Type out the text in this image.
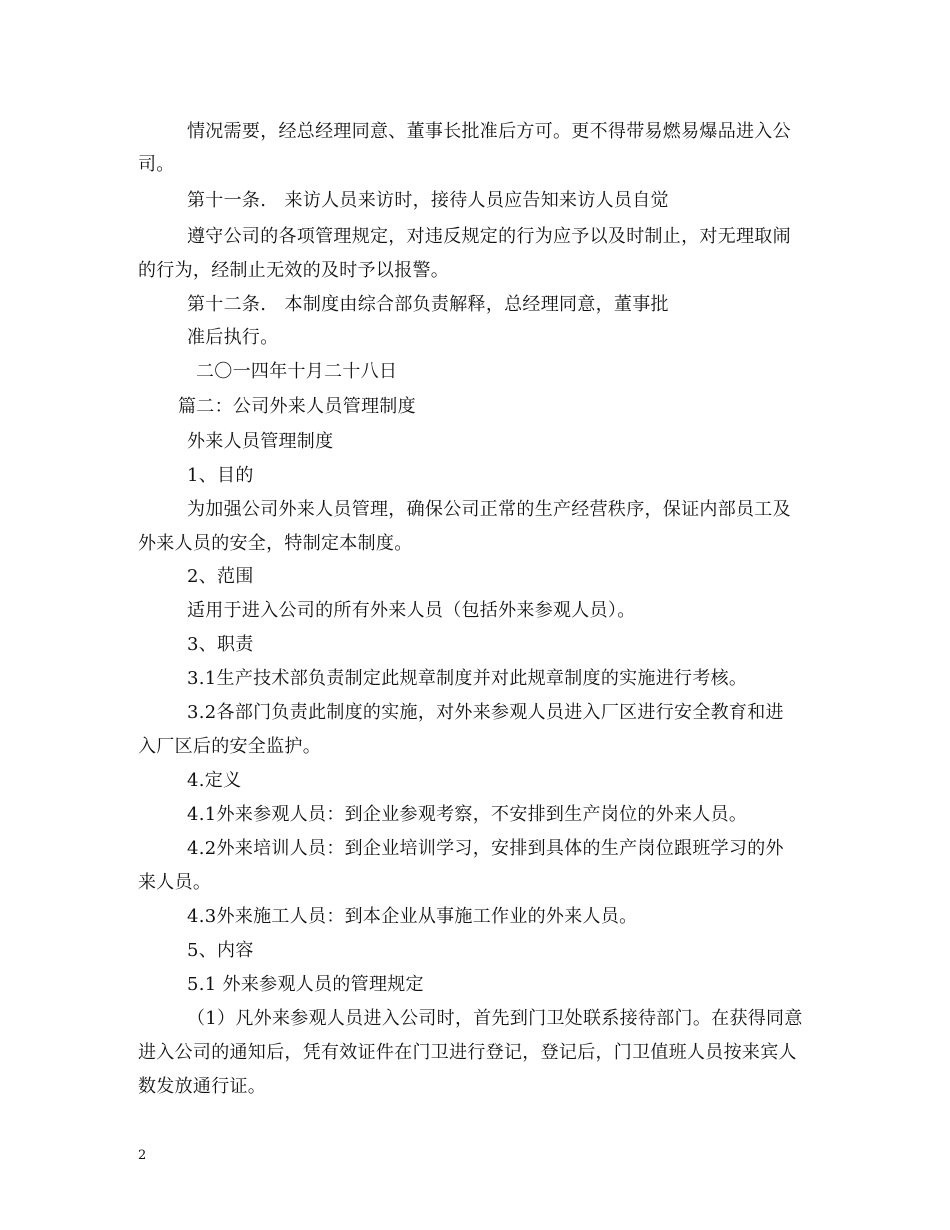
情况需要，经总经理同意、董事长批准后方可。更不得带易燃易爆品进入公
司。
第十一条.　来访人员来访时，接待人员应告知来访人员自觉
遵守公司的各项管理规定，对违反规定的行为应予以及时制止，对无理取闹
的行为，经制止无效的及时予以报警。
第十二条.　本制度由综合部负责解释，总经理同意，董事批
准后执行。
二〇一四年十月二十八日
篇二：公司外来人员管理制度
外来人员管理制度
1、目的
为加强公司外来人员管理，确保公司正常的生产经营秩序，保证内部员工及
外来人员的安全，特制定本制度。
2、范围
适用于进入公司的所有外来人员（包括外来参观人员）。
3、职责
3.1生产技术部负责制定此规章制度并对此规章制度的实施进行考核。
3.2各部门负责此制度的实施，对外来参观人员进入厂区进行安全教育和进
入厂区后的安全监护。
4.定义
4.1外来参观人员：到企业参观考察，不安排到生产岗位的外来人员。
4.2外来培训人员：到企业培训学习，安排到具体的生产岗位跟班学习的外
来人员。
4.3外来施工人员：到本企业从事施工作业的外来人员。
5、内容
5.1 外来参观人员的管理规定
（1）凡外来参观人员进入公司时，首先到门卫处联系接待部门。在获得同意
进入公司的通知后，凭有效证件在门卫进行登记，登记后，门卫值班人员按来宾人
数发放通行证。
2
